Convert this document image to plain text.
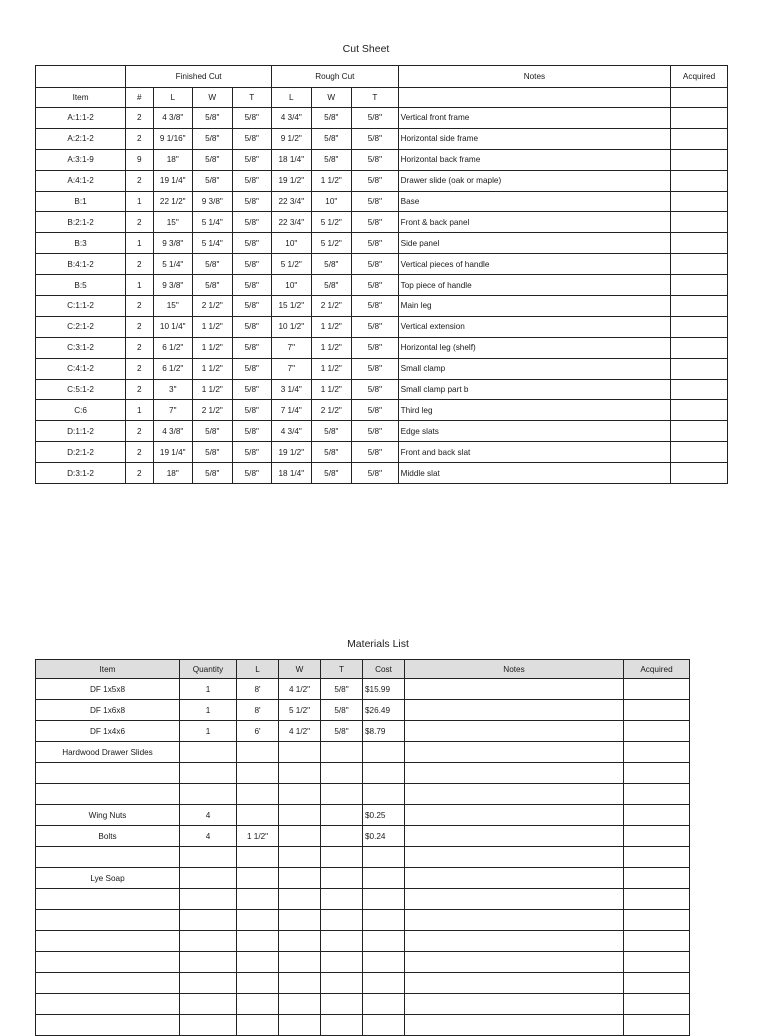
Cut Sheet
	Finished Cut				Rough Cut			Notes	Acquired
Item	#	L	W	T	L	W	T		
A:1:1-2	2	4 3/8"	5/8"	5/8"	4 3/4"	5/8"	5/8"	Vertical front frame	
A:2:1-2	2	9 1/16"	5/8"	5/8"	9 1/2"	5/8"	5/8"	Horizontal side frame	
A:3:1-9	9	18"	5/8"	5/8"	18 1/4"	5/8"	5/8"	Horizontal back frame	
A:4:1-2	2	19 1/4"	5/8"	5/8"	19 1/2"	1 1/2"	5/8"	Drawer slide (oak or maple)	
B:1	1	22 1/2"	9 3/8"	5/8"	22 3/4"	10"	5/8"	Base	
B:2:1-2	2	15"	5 1/4"	5/8"	22 3/4"	5 1/2"	5/8"	Front & back panel	
B:3	1	9 3/8"	5 1/4"	5/8"	10"	5 1/2"	5/8"	Side panel	
B:4:1-2	2	5 1/4"	5/8"	5/8"	5 1/2"	5/8"	5/8"	Vertical pieces of handle	
B:5	1	9 3/8"	5/8"	5/8"	10"	5/8"	5/8"	Top piece of handle	
C:1:1-2	2	15"	2 1/2"	5/8"	15 1/2"	2 1/2"	5/8"	Main leg	
C:2:1-2	2	10 1/4"	1 1/2"	5/8"	10 1/2"	1 1/2"	5/8"	Vertical extension	
C:3:1-2	2	6 1/2"	1 1/2"	5/8"	7"	1 1/2"	5/8"	Horizontal leg (shelf)	
C:4:1-2	2	6 1/2"	1 1/2"	5/8"	7"	1 1/2"	5/8"	Small clamp	
C:5:1-2	2	3"	1 1/2"	5/8"	3 1/4"	1 1/2"	5/8"	Small clamp part b	
C:6	1	7"	2 1/2"	5/8"	7 1/4"	2 1/2"	5/8"	Third leg	
D:1:1-2	2	4 3/8"	5/8"	5/8"	4 3/4"	5/8"	5/8"	Edge slats	
D:2:1-2	2	19 1/4"	5/8"	5/8"	19 1/2"	5/8"	5/8"	Front and back slat	
D:3:1-2	2	18"	5/8"	5/8"	18 1/4"	5/8"	5/8"	Middle slat	
Materials List
Item	Quantity	L	W	T	Cost	Notes	Acquired
DF 1x5x8	1	8'	4 1/2"	5/8"	$15.99		
DF 1x6x8	1	8'	5 1/2"	5/8"	$26.49		
DF 1x4x6	1	6'	4 1/2"	5/8"	$8.79		
Hardwood Drawer Slides							

Wing Nuts	4				$0.25		
Bolts	4	1 1/2"			$0.24		

Lye Soap							
